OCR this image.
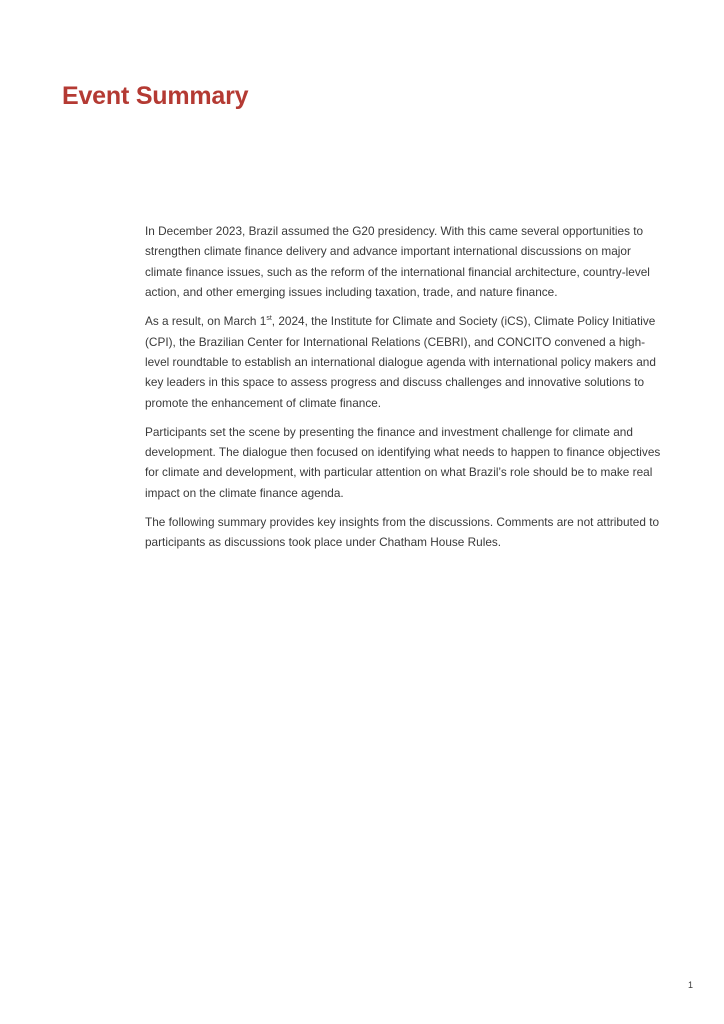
Event Summary

In December 2023, Brazil assumed the G20 presidency. With this came several opportunities to strengthen climate finance delivery and advance important international discussions on major climate finance issues, such as the reform of the international financial architecture, country-level action, and other emerging issues including taxation, trade, and nature finance.

As a result, on March 1st, 2024, the Institute for Climate and Society (iCS), Climate Policy Initiative (CPI), the Brazilian Center for International Relations (CEBRI), and CONCITO convened a high-level roundtable to establish an international dialogue agenda with international policy makers and key leaders in this space to assess progress and discuss challenges and innovative solutions to promote the enhancement of climate finance.

Participants set the scene by presenting the finance and investment challenge for climate and development. The dialogue then focused on identifying what needs to happen to finance objectives for climate and development, with particular attention on what Brazil’s role should be to make real impact on the climate finance agenda.

The following summary provides key insights from the discussions. Comments are not attributed to participants as discussions took place under Chatham House Rules.

1
